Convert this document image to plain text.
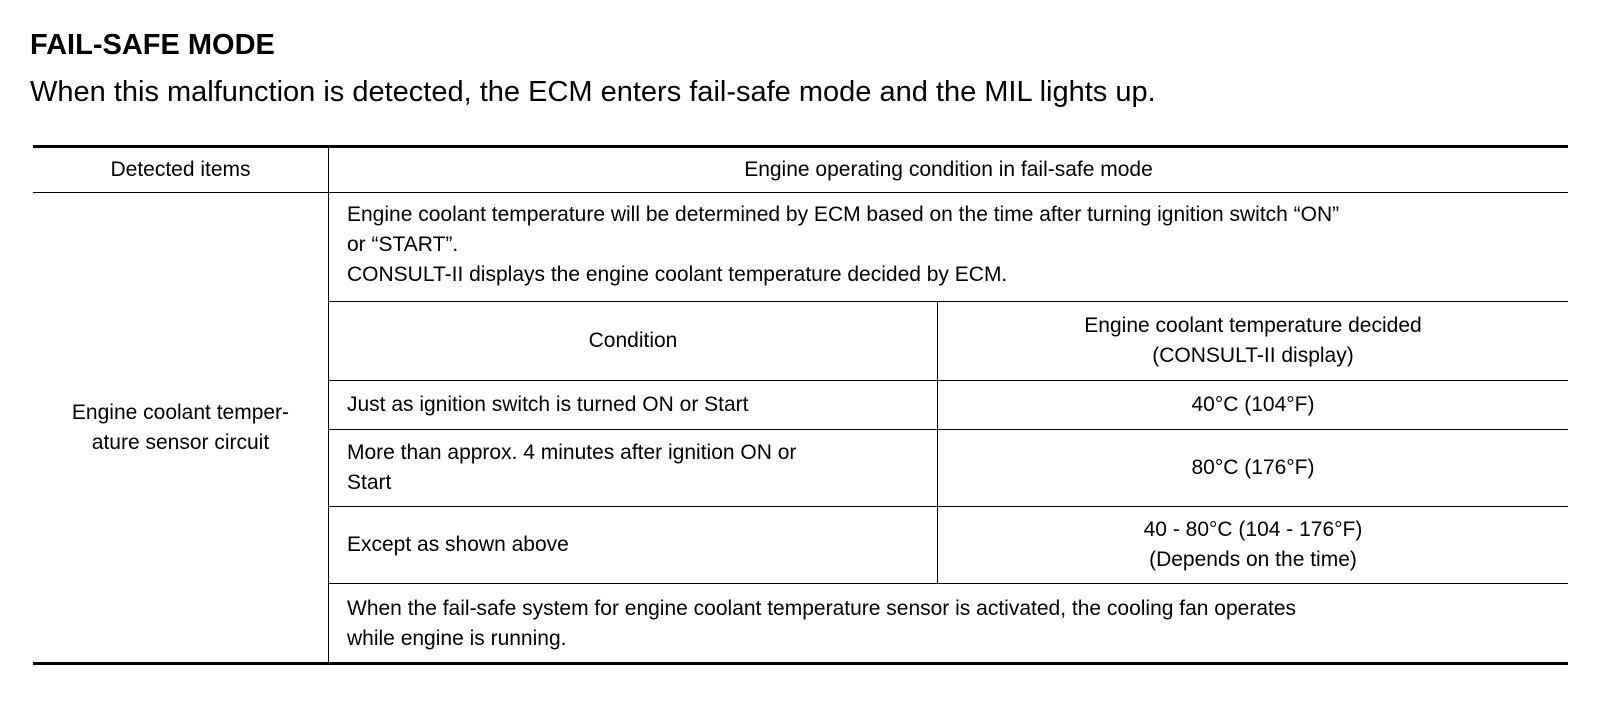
FAIL-SAFE MODE
When this malfunction is detected, the ECM enters fail-safe mode and the MIL lights up.
Detected items	Engine operating condition in fail-safe mode
Engine coolant temper-
ature sensor circuit
Engine coolant temperature will be determined by ECM based on the time after turning ignition switch “ON”
or “START”.
CONSULT-II displays the engine coolant temperature decided by ECM.
Condition
Engine coolant temperature decided
(CONSULT-II display)
Just as ignition switch is turned ON or Start	40°C (104°F)
More than approx. 4 minutes after ignition ON or
Start
80°C (176°F)
Except as shown above
40 - 80°C (104 - 176°F)
(Depends on the time)
When the fail-safe system for engine coolant temperature sensor is activated, the cooling fan operates
while engine is running.
